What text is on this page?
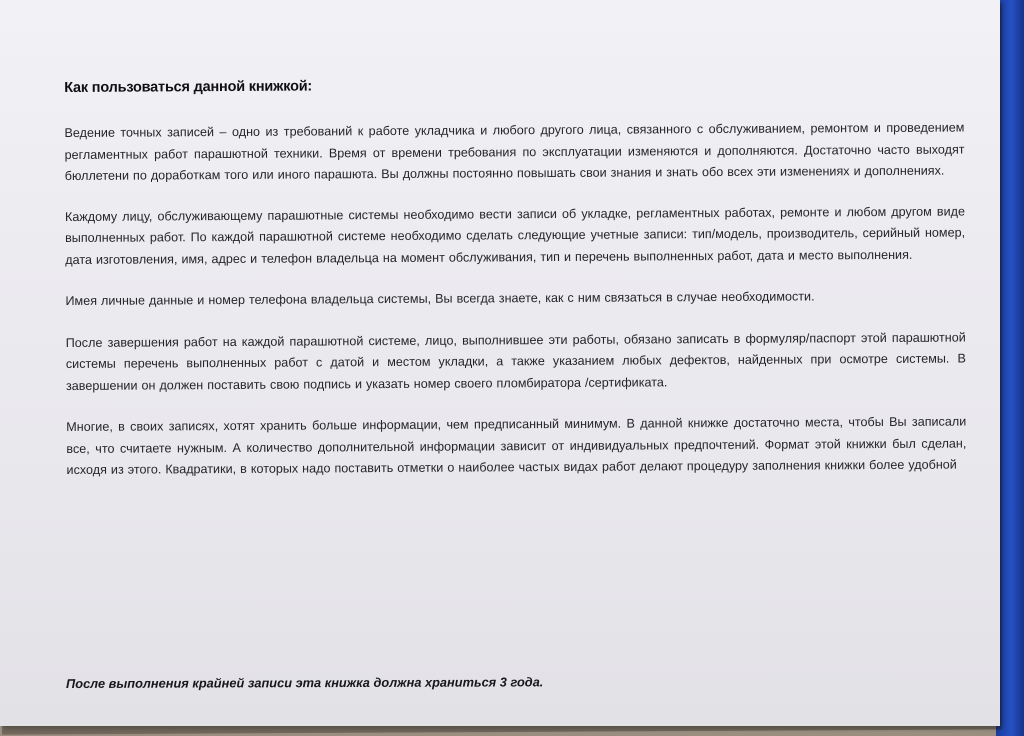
Как пользоваться данной книжкой:

Ведение точных записей – одно из требований к работе укладчика и любого другого лица, связанного с обслуживанием, ремонтом и проведением регламентных работ парашютной техники. Время от времени требования по эксплуатации изменяются и дополняются. Достаточно часто выходят бюллетени по доработкам того или иного парашюта. Вы должны постоянно повышать свои знания и знать обо всех эти изменениях и дополнениях.

Каждому лицу, обслуживающему парашютные системы необходимо вести записи об укладке, регламентных работах, ремонте и любом другом виде выполненных работ. По каждой парашютной системе необходимо сделать следующие учетные записи: тип/модель, производитель, серийный номер, дата изготовления, имя, адрес и телефон владельца на момент обслуживания, тип и перечень выполненных работ, дата и место выполнения.

Имея личные данные и номер телефона владельца системы, Вы всегда знаете, как с ним связаться в случае необходимости.

После завершения работ на каждой парашютной системе, лицо, выполнившее эти работы, обязано записать в формуляр/паспорт этой парашютной системы перечень выполненных работ с датой и местом укладки, а также указанием любых дефектов, найденных при осмотре системы. В завершении он должен поставить свою подпись и указать номер своего пломбиратора /сертификата.

Многие, в своих записях, хотят хранить больше информации, чем предписанный минимум. В данной книжке достаточно места, чтобы Вы записали все, что считаете нужным. А количество дополнительной информации зависит от индивидуальных предпочтений. Формат этой книжки был сделан, исходя из этого. Квадратики, в которых надо поставить отметки о наиболее частых видах работ делают процедуру заполнения книжки более удобной

После выполнения крайней записи эта книжка должна храниться 3 года.
